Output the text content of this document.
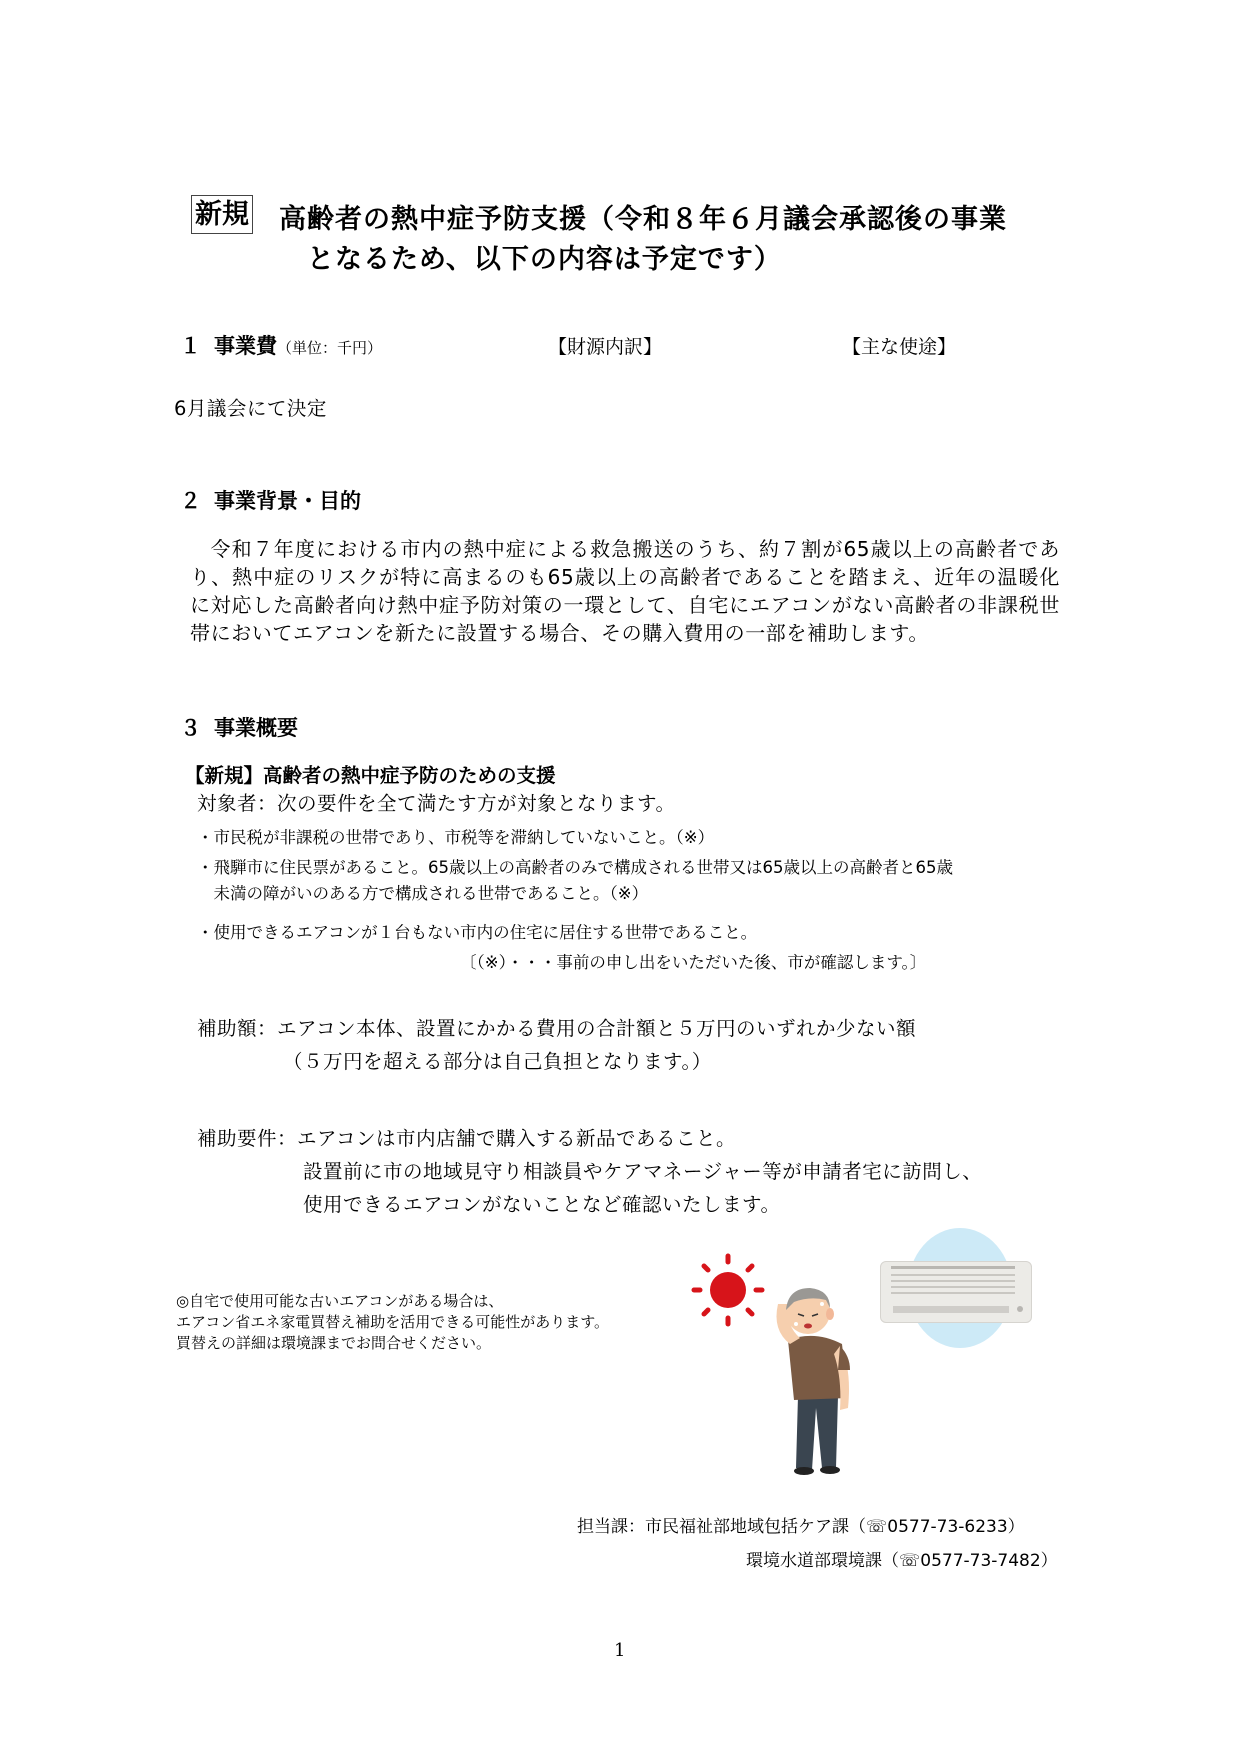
新規 高齢者の熱中症予防支援（令和８年６月議会承認後の事業
となるため、以下の内容は予定です）
１ 事業費（単位：千円）	【財源内訳】	【主な使途】
6月議会にて決定
２ 事業背景・目的
令和７年度における市内の熱中症による救急搬送のうち、約７割が65歳以上の高齢者であり、熱中症のリスクが特に高まるのも65歳以上の高齢者であることを踏まえ、近年の温暖化に対応した高齢者向け熱中症予防対策の一環として、自宅にエアコンがない高齢者の非課税世帯においてエアコンを新たに設置する場合、その購入費用の一部を補助します。
３ 事業概要
【新規】高齢者の熱中症予防のための支援
対象者：次の要件を全て満たす方が対象となります。
・市民税が非課税の世帯であり、市税等を滞納していないこと。（※）
・飛騨市に住民票があること。65歳以上の高齢者のみで構成される世帯又は65歳以上の高齢者と65歳
　未満の障がいのある方で構成される世帯であること。（※）
・使用できるエアコンが１台もない市内の住宅に居住する世帯であること。
〔（※）・・・事前の申し出をいただいた後、市が確認します。〕
補助額：エアコン本体、設置にかかる費用の合計額と５万円のいずれか少ない額
（５万円を超える部分は自己負担となります。）
補助要件：エアコンは市内店舗で購入する新品であること。
設置前に市の地域見守り相談員やケアマネージャー等が申請者宅に訪問し、
使用できるエアコンがないことなど確認いたします。
◎自宅で使用可能な古いエアコンがある場合は、
エアコン省エネ家電買替え補助を活用できる可能性があります。
買替えの詳細は環境課までお問合せください。
担当課：市民福祉部地域包括ケア課（☏0577-73-6233）
環境水道部環境課（☏0577-73-7482）
1
